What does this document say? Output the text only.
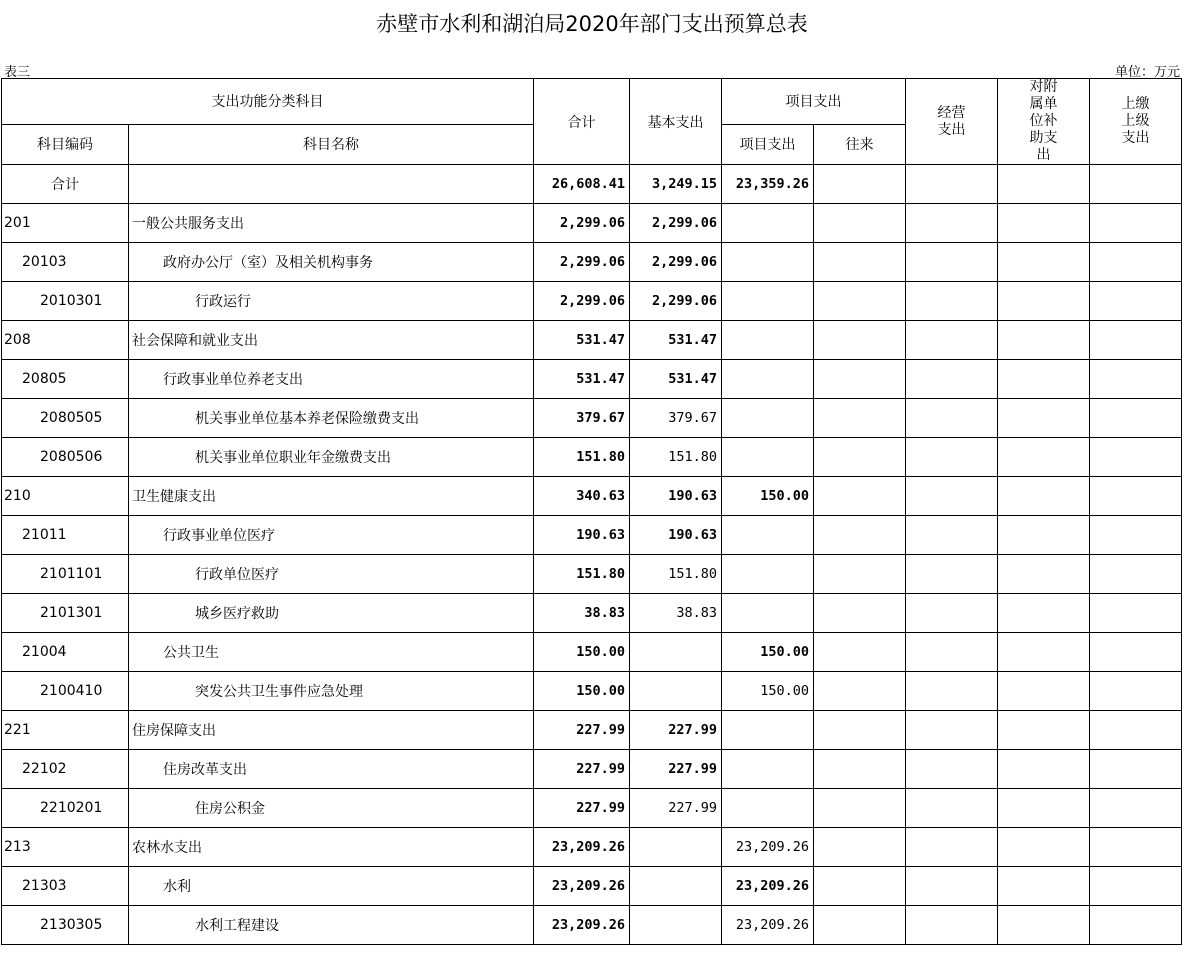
赤壁市水利和湖泊局2020年部门支出预算总表
表三	单位：万元
支出功能分类科目		合计	基本支出	项目支出		经营支出	对附属单位补助支出	上缴上级支出

科目编码	科目名称			项目支出	往来			
合计		26,608.41	3,249.15	23,359.26				
201	一般公共服务支出	2,299.06	2,299.06					
20103	政府办公厅（室）及相关机构事务	2,299.06	2,299.06					
2010301	行政运行	2,299.06	2,299.06					
208	社会保障和就业支出	531.47	531.47					
20805	行政事业单位养老支出	531.47	531.47					
2080505	机关事业单位基本养老保险缴费支出	379.67	379.67					
2080506	机关事业单位职业年金缴费支出	151.80	151.80					
210	卫生健康支出	340.63	190.63	150.00				
21011	行政事业单位医疗	190.63	190.63					
2101101	行政单位医疗	151.80	151.80					
2101301	城乡医疗救助	38.83	38.83					
21004	公共卫生	150.00		150.00				
2100410	突发公共卫生事件应急处理	150.00		150.00				
221	住房保障支出	227.99	227.99					
22102	住房改革支出	227.99	227.99					
2210201	住房公积金	227.99	227.99					
213	农林水支出	23,209.26		23,209.26				
21303	水利	23,209.26		23,209.26				
2130305	水利工程建设	23,209.26		23,209.26				
